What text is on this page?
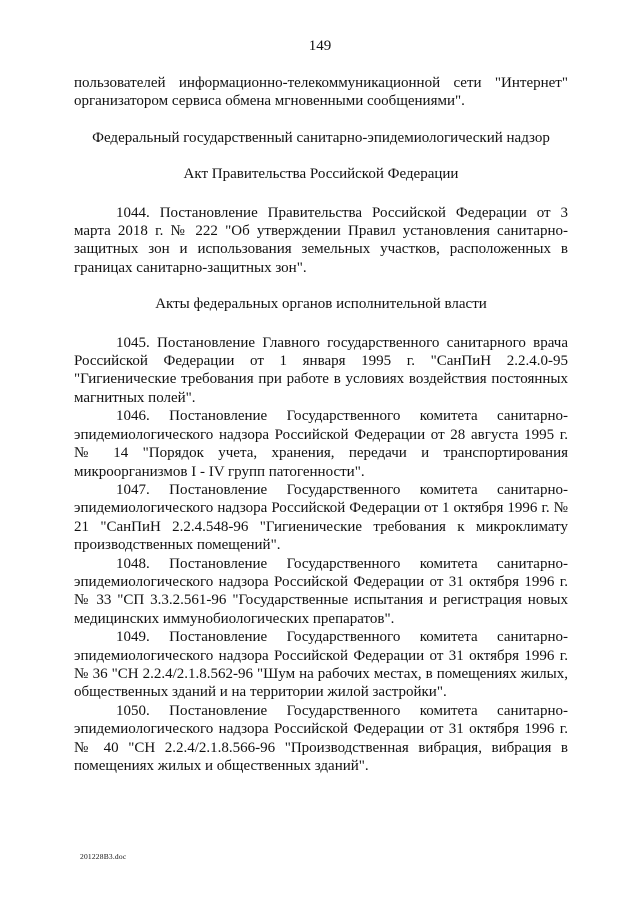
149

пользователей информационно-телекоммуникационной сети "Интернет" организатором сервиса обмена мгновенными сообщениями".

Федеральный государственный санитарно-эпидемиологический надзор

Акт Правительства Российской Федерации

1044. Постановление Правительства Российской Федерации от 3 марта 2018 г. № 222 "Об утверждении Правил установления санитарно-защитных зон и использования земельных участков, расположенных в границах санитарно-защитных зон".

Акты федеральных органов исполнительной власти

1045. Постановление Главного государственного санитарного врача Российской Федерации от 1 января 1995 г. "СанПиН 2.2.4.0-95 "Гигиенические требования при работе в условиях воздействия постоянных магнитных полей".

1046. Постановление Государственного комитета санитарно-эпидемиологического надзора Российской Федерации от 28 августа 1995 г. № 14 "Порядок учета, хранения, передачи и транспортирования микроорганизмов I - IV групп патогенности".

1047. Постановление Государственного комитета санитарно-эпидемиологического надзора Российской Федерации от 1 октября 1996 г. № 21 "СанПиН 2.2.4.548-96 "Гигиенические требования к микроклимату производственных помещений".

1048. Постановление Государственного комитета санитарно-эпидемиологического надзора Российской Федерации от 31 октября 1996 г. № 33 "СП 3.3.2.561-96 "Государственные испытания и регистрация новых медицинских иммунобиологических препаратов".

1049. Постановление Государственного комитета санитарно-эпидемиологического надзора Российской Федерации от 31 октября 1996 г. № 36 "СН 2.2.4/2.1.8.562-96 "Шум на рабочих местах, в помещениях жилых, общественных зданий и на территории жилой застройки".

1050. Постановление Государственного комитета санитарно-эпидемиологического надзора Российской Федерации от 31 октября 1996 г. № 40 "СН 2.2.4/2.1.8.566-96 "Производственная вибрация, вибрация в помещениях жилых и общественных зданий".

201228B3.doc
